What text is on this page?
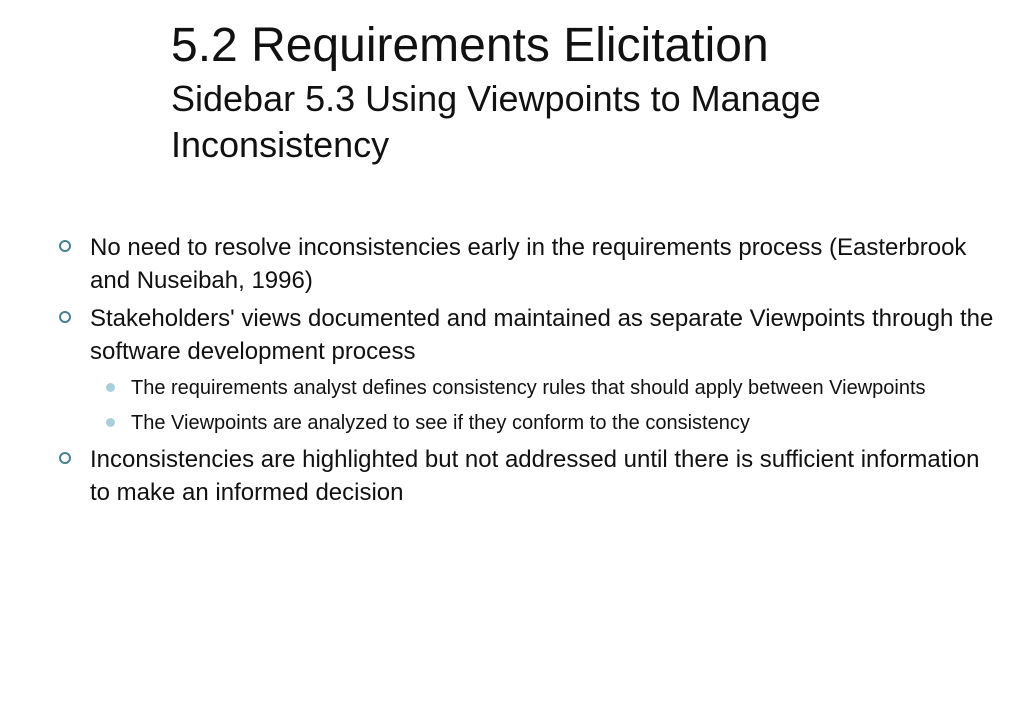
5.2 Requirements Elicitation
Sidebar 5.3 Using Viewpoints to Manage Inconsistency
No need to resolve inconsistencies early in the requirements process (Easterbrook and Nuseibah, 1996)
Stakeholders' views documented and maintained as separate Viewpoints through the software development process
The requirements analyst defines consistency rules that should apply between Viewpoints
The Viewpoints are analyzed to see if they conform to the consistency
Inconsistencies are highlighted but not addressed until there is sufficient information to make an informed decision
